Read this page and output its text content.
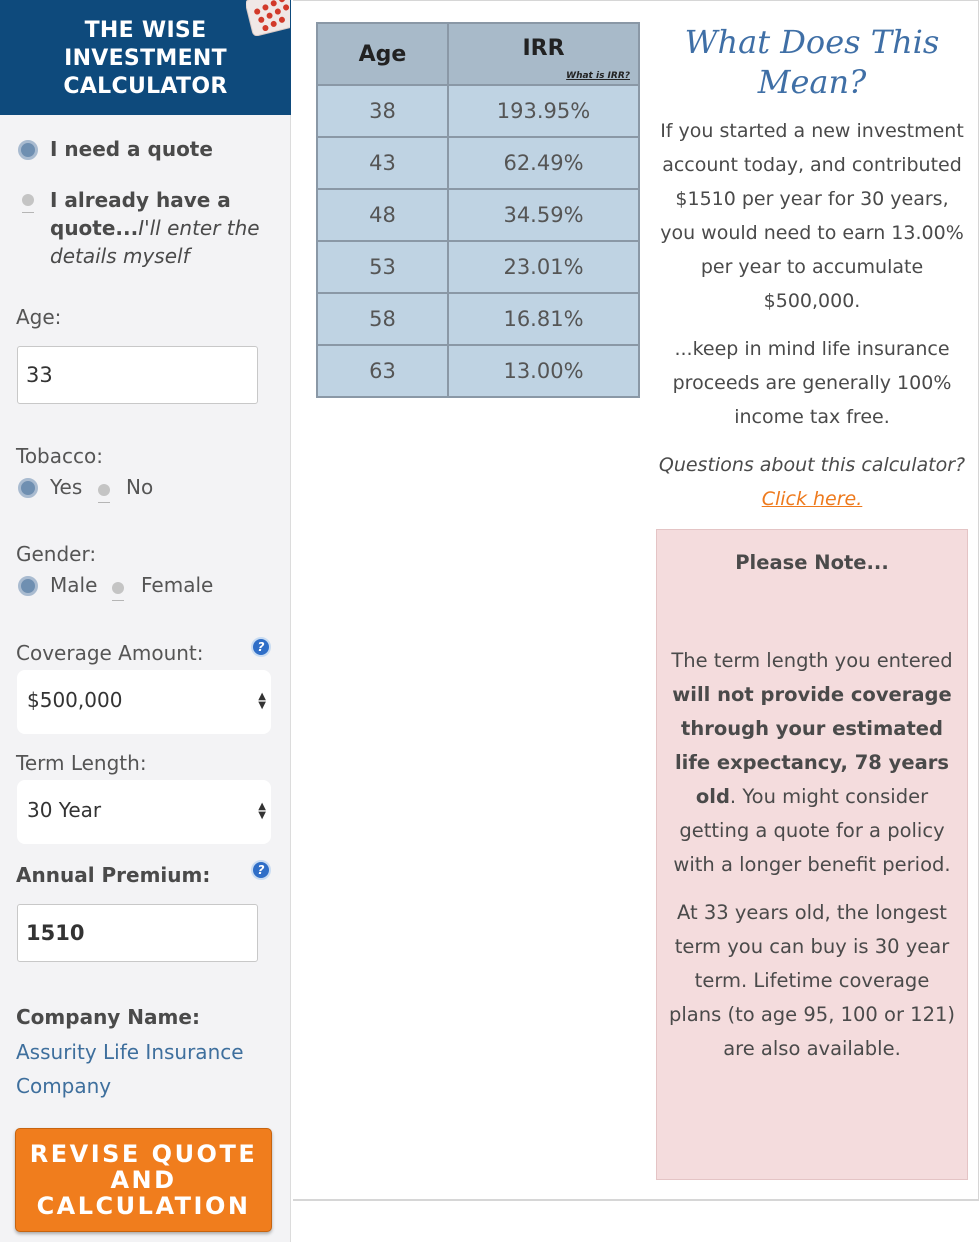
THE WISE
INVESTMENT
CALCULATOR
I need a quote
I already have a
quote...I'll enter the
details myself
Age:
33
Tobacco:
Yes No
Gender:
Male Female
Coverage Amount:	?
$500,000	▲
▼
Term Length:
30 Year	▲
▼
Annual Premium:	?
1510
Company Name:
Assurity Life Insurance Company
REVISE QUOTE
AND
CALCULATION
Age	IRR
What is IRR?

38	193.95%
43	62.49%
48	34.59%
53	23.01%
58	16.81%
63	13.00%
What Does This Mean?

If you started a new investment account today, and contributed $1510 per year for 30 years, you would need to earn 13.00% per year to accumulate $500,000.

...keep in mind life insurance proceeds are generally 100% income tax free.

Questions about this calculator? Click here.

Please Note...

The term length you entered will not provide coverage through your estimated life expectancy, 78 years old. You might consider getting a quote for a policy with a longer benefit period.

At 33 years old, the longest term you can buy is 30 year term. Lifetime coverage plans (to age 95, 100 or 121) are also available.
